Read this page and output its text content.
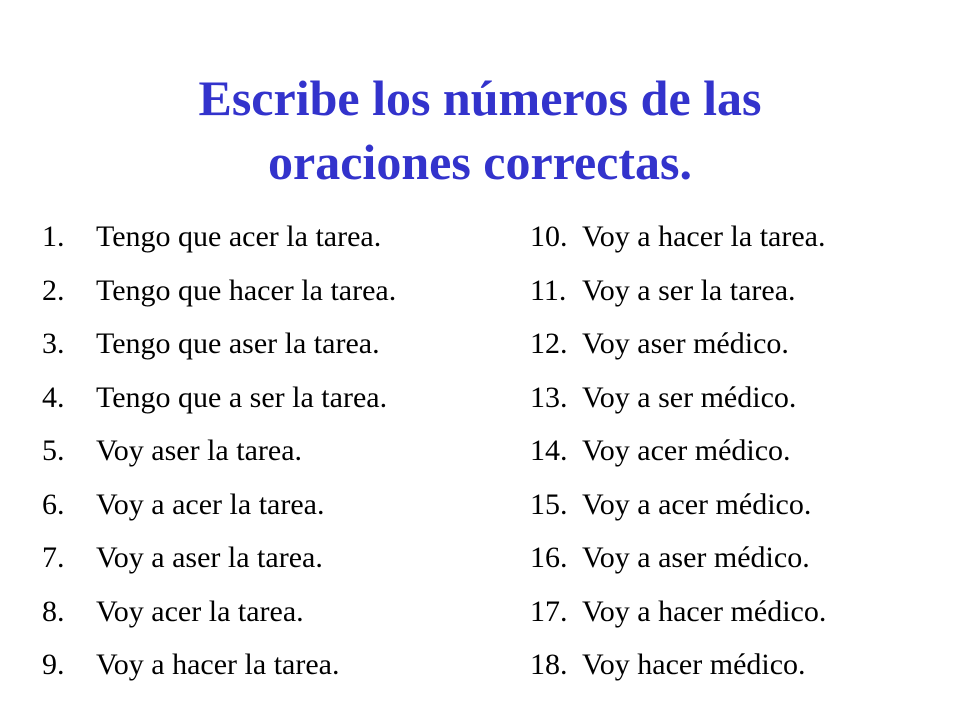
Escribe los números de las
oraciones correctas.
1.	Tengo que acer la tarea.
2.	Tengo que hacer la tarea.
3.	Tengo que aser la tarea.
4.	Tengo que a ser la tarea.
5.	Voy aser la tarea.
6.	Voy a acer la tarea.
7.	Voy a aser la tarea.
8.	Voy acer la tarea.
9.	Voy a hacer la tarea.
10. Voy a hacer la tarea.
11. Voy a ser la tarea.
12. Voy aser médico.
13. Voy a ser médico.
14. Voy acer médico.
15. Voy a acer médico.
16. Voy a aser médico.
17. Voy a hacer médico.
18. Voy hacer médico.
